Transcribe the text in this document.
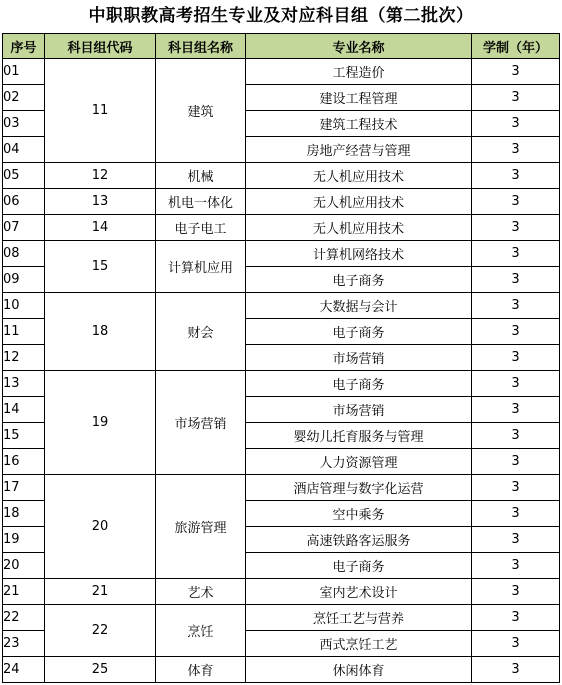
中职职教高考招生专业及对应科目组（第二批次）
序号	科目组代码	科目组名称	专业名称	学制（年）
01	11	建筑	工程造价	3
02			建设工程管理	3
03			建筑工程技术	3
04			房地产经营与管理	3
05	12	机械	无人机应用技术	3
06	13	机电一体化	无人机应用技术	3
07	14	电子电工	无人机应用技术	3
08	15	计算机应用	计算机网络技术	3
09			电子商务	3
10	18	财会	大数据与会计	3
11			电子商务	3
12			市场营销	3
13	19	市场营销	电子商务	3
14			市场营销	3
15			婴幼儿托育服务与管理	3
16			人力资源管理	3
17	20	旅游管理	酒店管理与数字化运营	3
18			空中乘务	3
19			高速铁路客运服务	3
20			电子商务	3
21	21	艺术	室内艺术设计	3
22	22	烹饪	烹饪工艺与营养	3
23			西式烹饪工艺	3
24	25	体育	休闲体育	3
